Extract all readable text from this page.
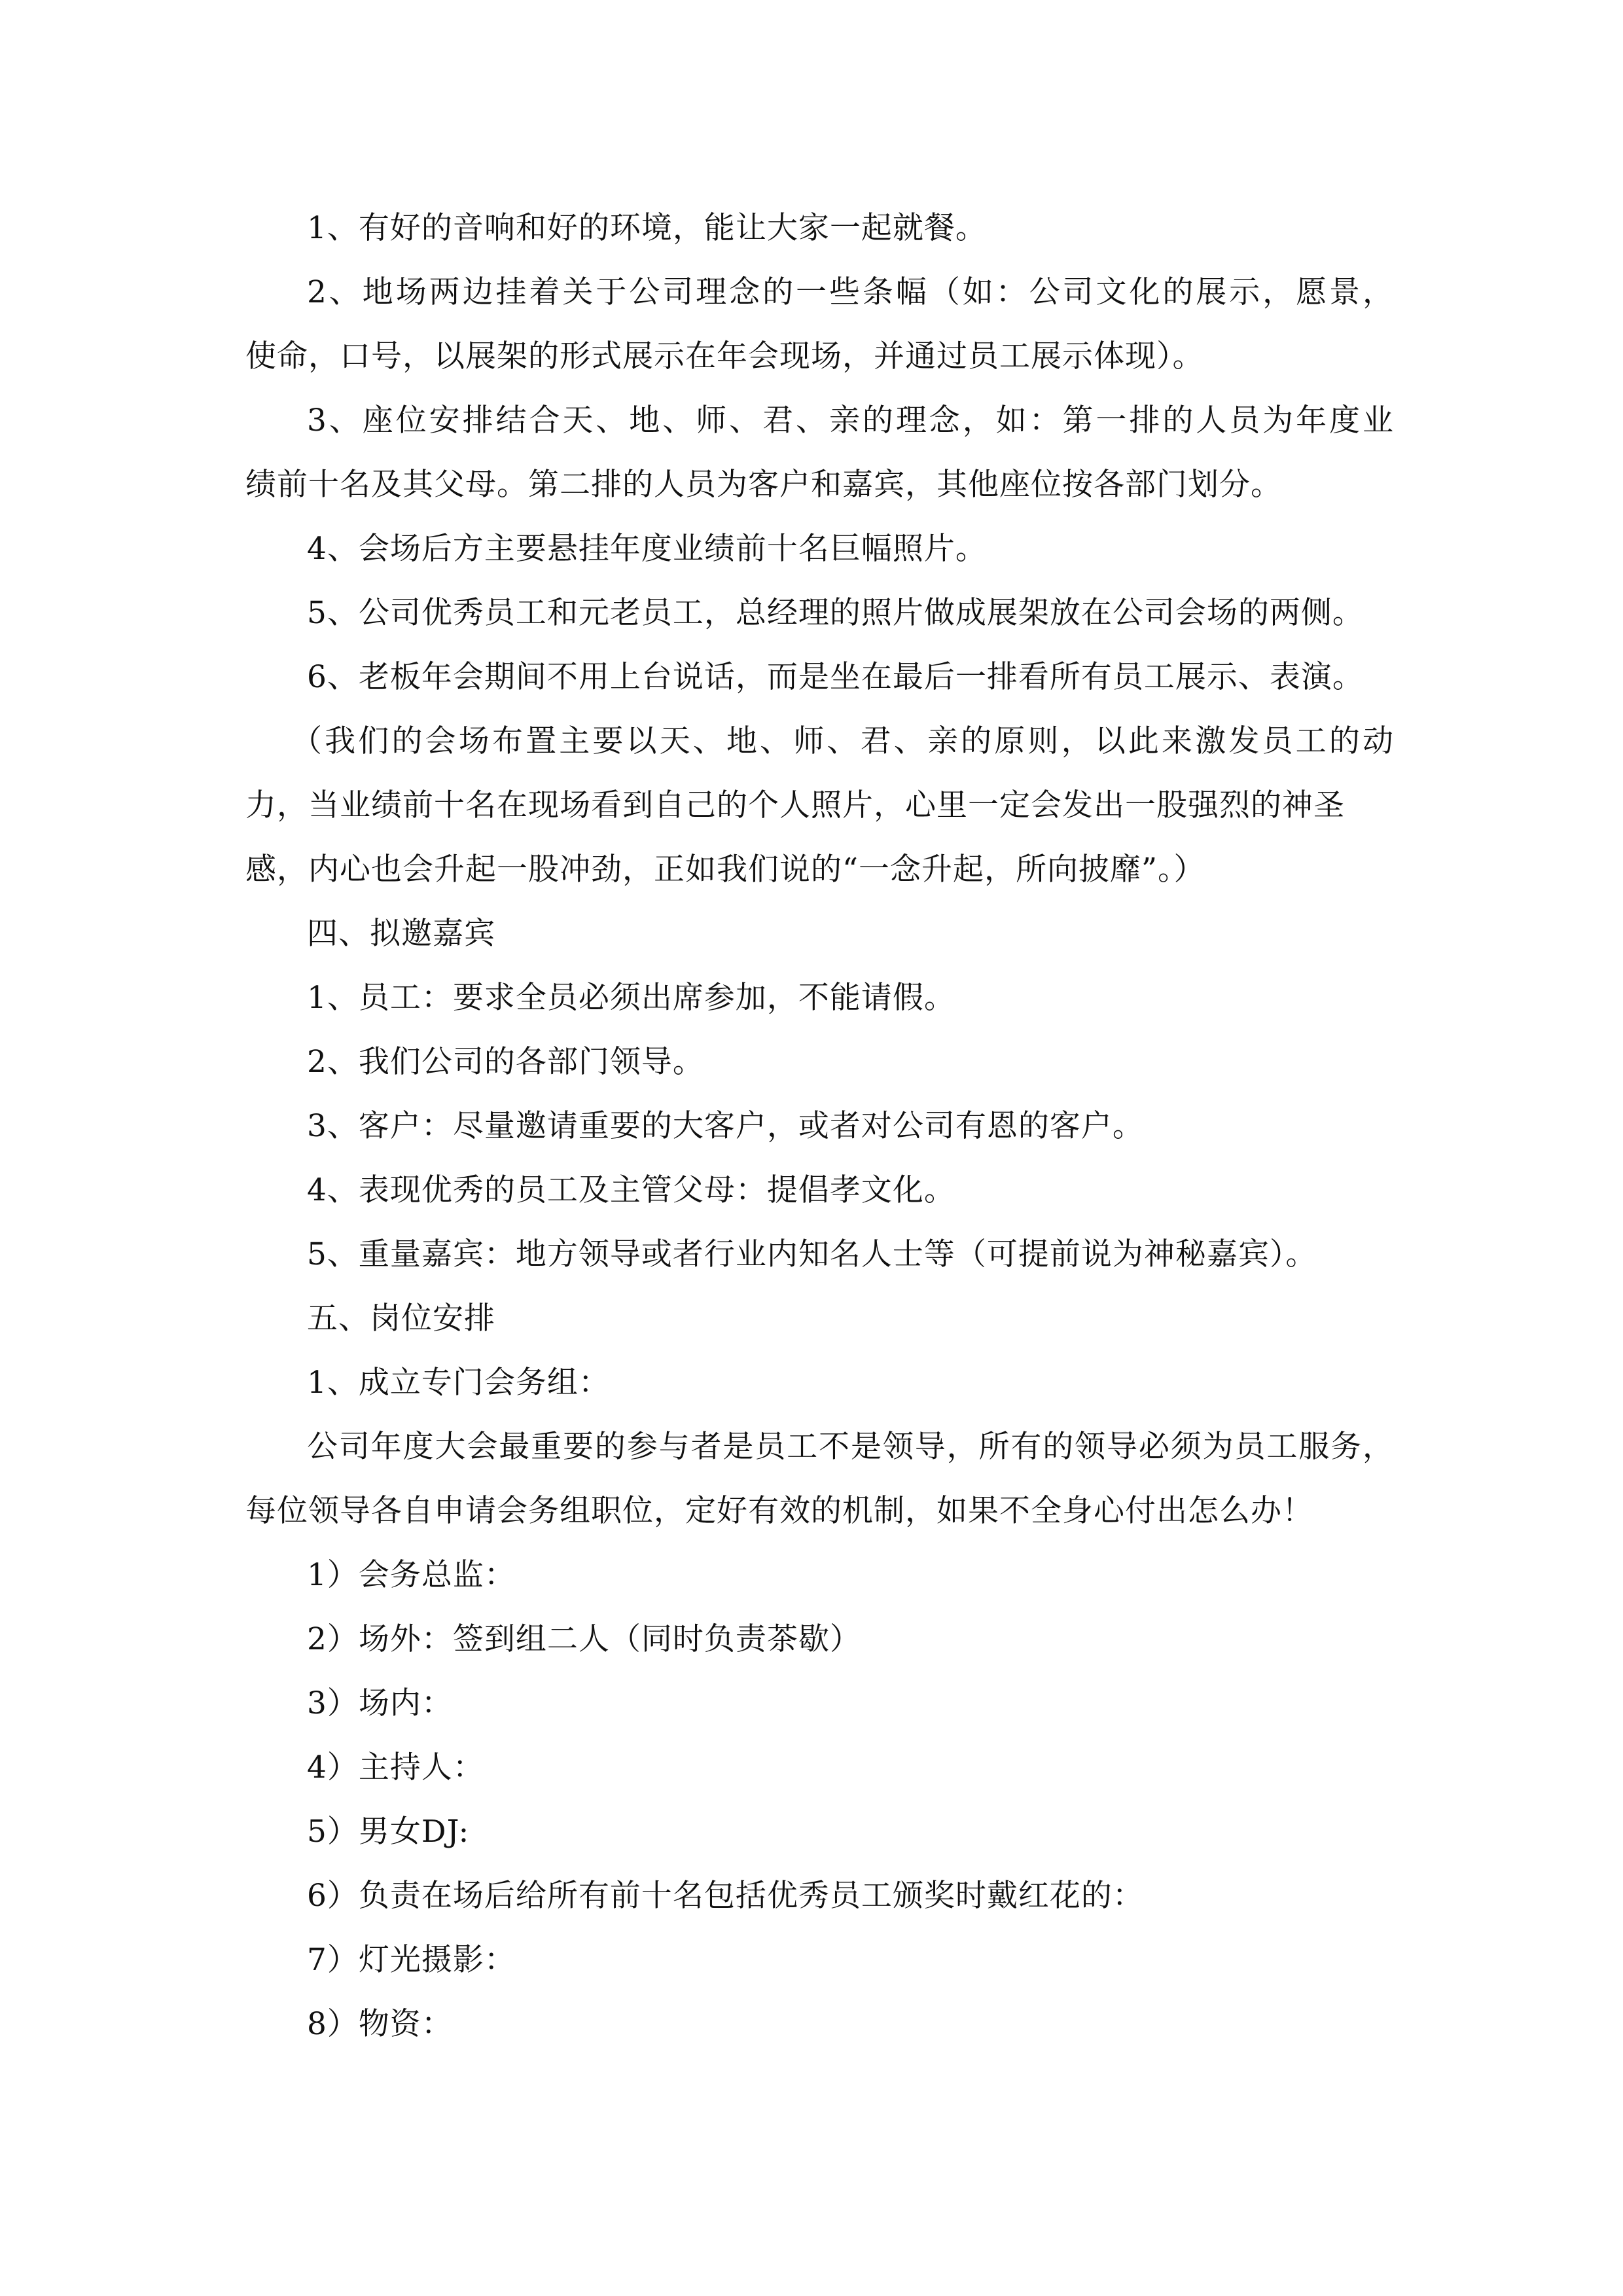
1、有好的音响和好的环境，能让大家一起就餐。
2、地场两边挂着关于公司理念的一些条幅（如：公司文化的展示，愿景，
使命，口号，以展架的形式展示在年会现场，并通过员工展示体现）。
3、座位安排结合天、地、师、君、亲的理念，如：第一排的人员为年度业
绩前十名及其父母。第二排的人员为客户和嘉宾，其他座位按各部门划分。
4、会场后方主要悬挂年度业绩前十名巨幅照片。
5、公司优秀员工和元老员工，总经理的照片做成展架放在公司会场的两侧。
6、老板年会期间不用上台说话，而是坐在最后一排看所有员工展示、表演。
（我们的会场布置主要以天、地、师、君、亲的原则，以此来激发员工的动
力，当业绩前十名在现场看到自己的个人照片，心里一定会发出一股强烈的神圣
感，内心也会升起一股冲劲，正如我们说的“一念升起，所向披靡”。）
四、拟邀嘉宾
1、员工：要求全员必须出席参加，不能请假。
2、我们公司的各部门领导。
3、客户：尽量邀请重要的大客户，或者对公司有恩的客户。
4、表现优秀的员工及主管父母：提倡孝文化。
5、重量嘉宾：地方领导或者行业内知名人士等（可提前说为神秘嘉宾）。
五、岗位安排
1、成立专门会务组：
公司年度大会最重要的参与者是员工不是领导，所有的领导必须为员工服务，
每位领导各自申请会务组职位，定好有效的机制，如果不全身心付出怎么办！
1）会务总监：
2）场外：签到组二人（同时负责茶歇）
3）场内：
4）主持人：
5）男女DJ:
6）负责在场后给所有前十名包括优秀员工颁奖时戴红花的：
7）灯光摄影：
8）物资：
